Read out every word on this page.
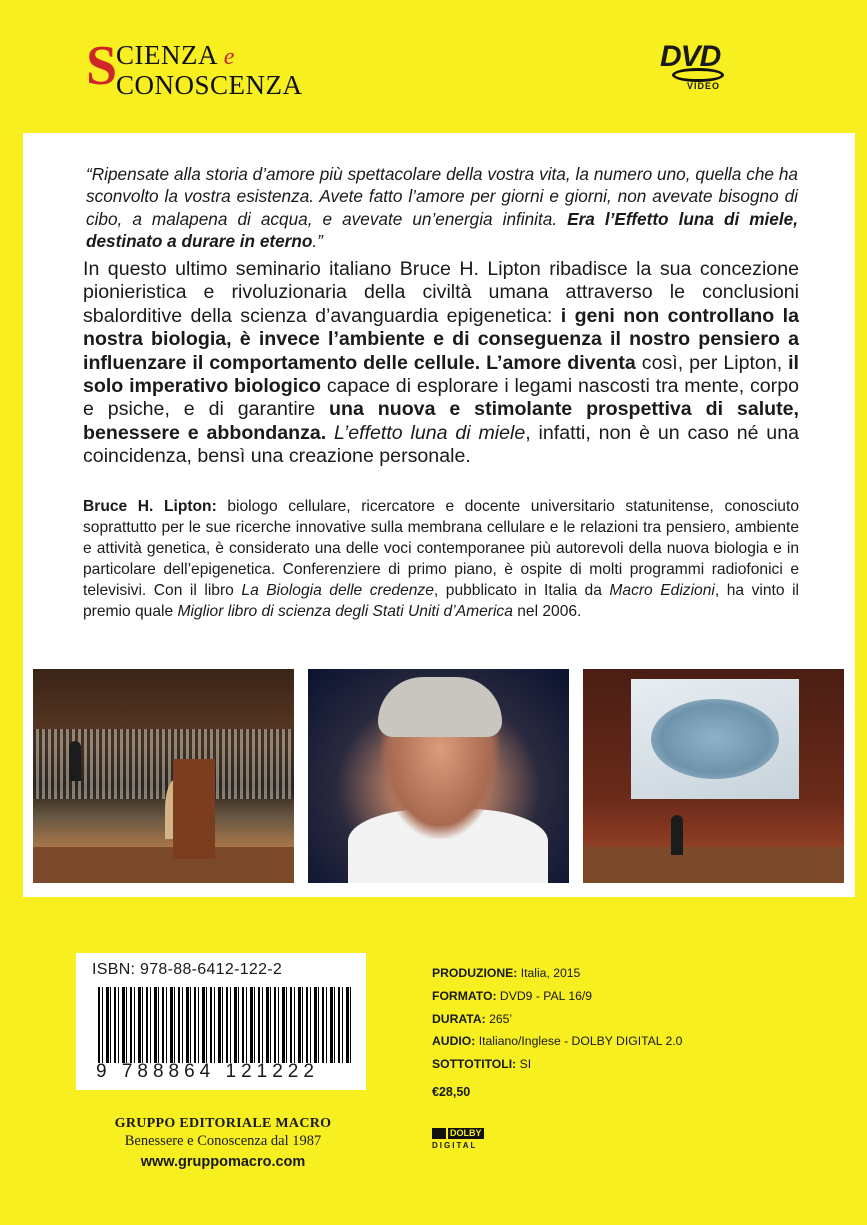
S
CIENZA e
CONOSCENZA
DVD
VIDEO
“Ripensate alla storia d’amore più spettacolare della vostra vita, la numero uno, quella che ha sconvolto la vostra esistenza. Avete fatto l’amore per giorni e giorni, non avevate bisogno di cibo, a malapena di acqua, e avevate un’energia infinita. Era l’Effetto luna di miele, destinato a durare in eterno.”
In questo ultimo seminario italiano Bruce H. Lipton ribadisce la sua concezione pionieristica e rivoluzionaria della civiltà umana attraverso le conclusioni sbalorditive della scienza d’avanguardia epigenetica: i geni non controllano la nostra biologia, è invece l’ambiente e di conseguenza il nostro pensiero a influenzare il comportamento delle cellule. L’amore diventa così, per Lipton, il solo imperativo biologico capace di esplorare i legami nascosti tra mente, corpo e psiche, e di garantire una nuova e stimolante prospettiva di salute, benessere e abbondanza. L’effetto luna di miele, infatti, non è un caso né una coincidenza, bensì una creazione personale.
Bruce H. Lipton: biologo cellulare, ricercatore e docente universitario statunitense, conosciuto soprattutto per le sue ricerche innovative sulla membrana cellulare e le relazioni tra pensiero, ambiente e attività genetica, è considerato una delle voci contemporanee più autorevoli della nuova biologia e in particolare dell’epigenetica. Conferenziere di primo piano, è ospite di molti programmi radiofonici e televisivi. Con il libro La Biologia delle credenze, pubblicato in Italia da Macro Edizioni, ha vinto il premio quale Miglior libro di scienza degli Stati Uniti d’America nel 2006.
ISBN: 978-88-6412-122-2
9 788864 121222
GRUPPO EDITORIALE MACRO
Benessere e Conoscenza dal 1987
www.gruppomacro.com
PRODUZIONE: Italia, 2015
FORMATO: DVD9 - PAL 16/9
DURATA: 265’
AUDIO: Italiano/Inglese - DOLBY DIGITAL 2.0
SOTTOTITOLI: SI
€28,50
DOLBY
DIGITAL
